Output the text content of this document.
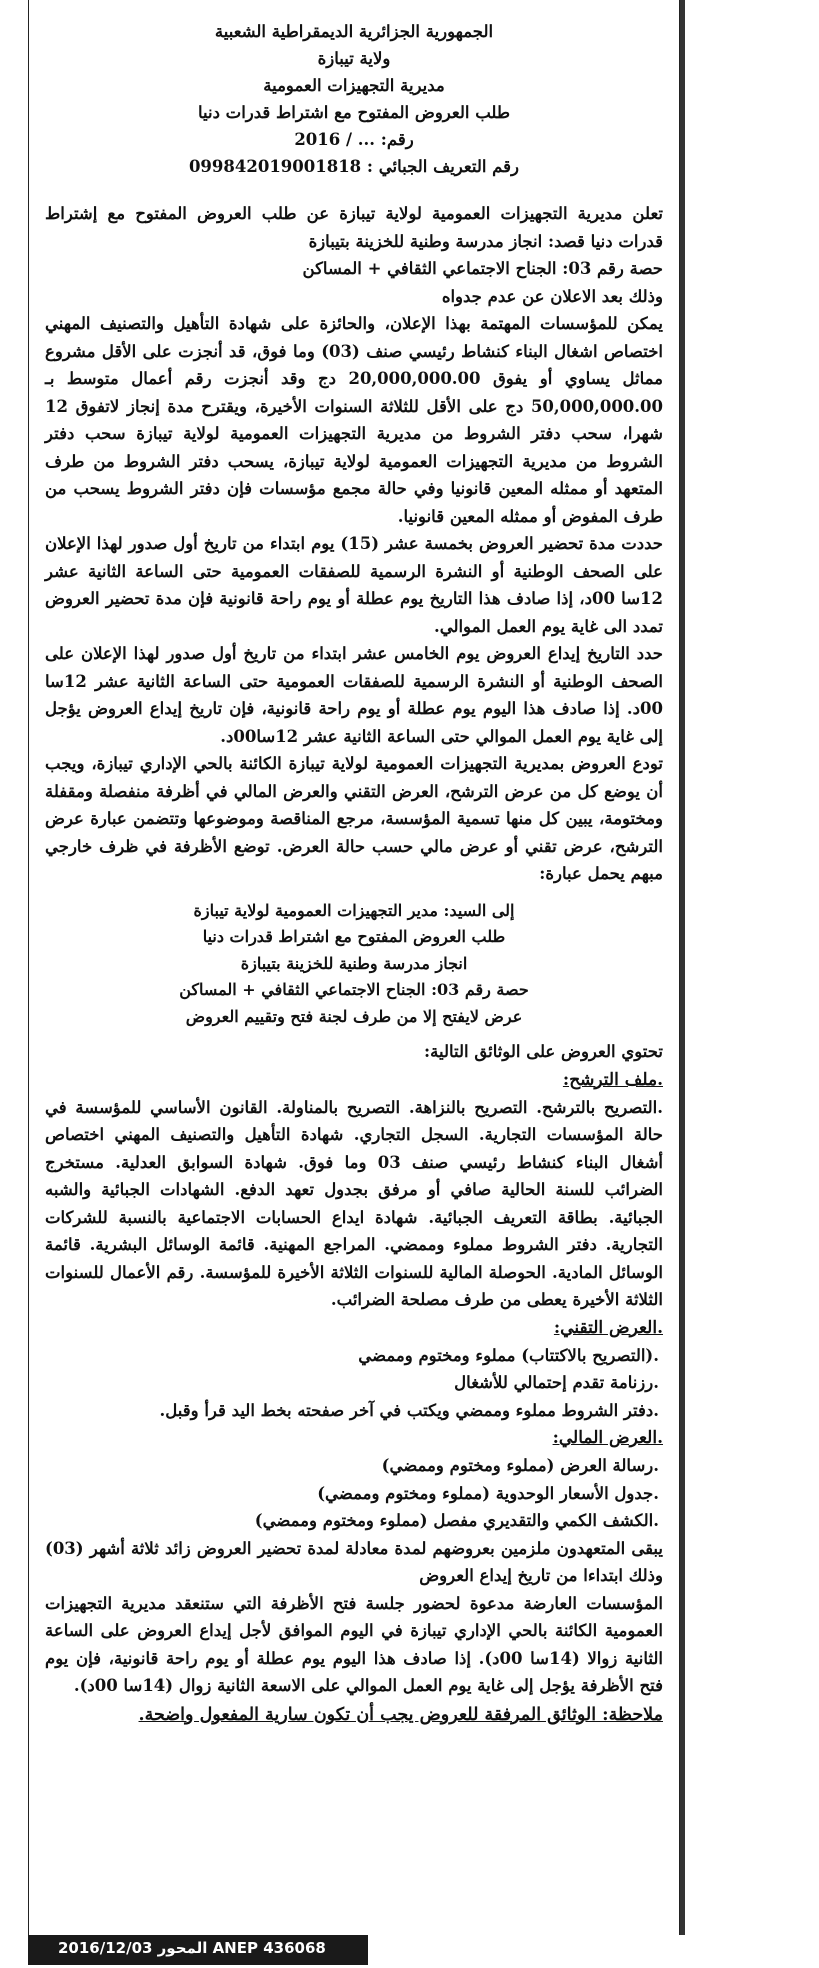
الجمهورية الجزائرية الديمقراطية الشعبية
ولاية تيبازة
مديرية التجهيزات العمومية
طلب العروض المفتوح مع اشتراط قدرات دنيا
رقم: ... / 2016
رقم التعريف الجبائي : 099842019001818

تعلن مديرية التجهيزات العمومية لولاية تيبازة عن طلب العروض المفتوح مع إشتراط قدرات دنيا قصد: انجاز مدرسة وطنية للخزينة بتيبازة

حصة رقم 03: الجناح الاجتماعي الثقافي + المساكن

وذلك بعد الاعلان عن عدم جدواه

يمكن للمؤسسات المهتمة بهذا الإعلان، والحائزة على شهادة التأهيل والتصنيف المهني اختصاص اشغال البناء كنشاط رئيسي صنف (03) وما فوق، قد أنجزت على الأقل مشروع مماثل يساوي أو يفوق 20,000,000.00 دج وقد أنجزت رقم أعمال متوسط بـ 50,000,000.00 دج على الأقل للثلاثة السنوات الأخيرة، ويقترح مدة إنجاز لاتفوق 12 شهرا، سحب دفتر الشروط من مديرية التجهيزات العمومية لولاية تيبازة سحب دفتر الشروط من مديرية التجهيزات العمومية لولاية تيبازة، يسحب دفتر الشروط من طرف المتعهد أو ممثله المعين قانونيا وفي حالة مجمع مؤسسات فإن دفتر الشروط يسحب من طرف المفوض أو ممثله المعين قانونيا.

حددت مدة تحضير العروض بخمسة عشر (15) يوم ابتداء من تاريخ أول صدور لهذا الإعلان على الصحف الوطنية أو النشرة الرسمية للصفقات العمومية حتى الساعة الثانية عشر 12سا 00د، إذا صادف هذا التاريخ يوم عطلة أو يوم راحة قانونية فإن مدة تحضير العروض تمدد الى غاية يوم العمل الموالي.

حدد التاريخ إيداع العروض يوم الخامس عشر ابتداء من تاريخ أول صدور لهذا الإعلان على الصحف الوطنية أو النشرة الرسمية للصفقات العمومية حتى الساعة الثانية عشر 12سا 00د. إذا صادف هذا اليوم يوم عطلة أو يوم راحة قانونية، فإن تاريخ إيداع العروض يؤجل إلى غاية يوم العمل الموالي حتى الساعة الثانية عشر 12سا00د.

تودع العروض بمديرية التجهيزات العمومية لولاية تيبازة الكائنة بالحي الإداري تيبازة، ويجب أن يوضع كل من عرض الترشح، العرض التقني والعرض المالي في أظرفة منفصلة ومقفلة ومختومة، يبين كل منها تسمية المؤسسة، مرجع المناقصة وموضوعها وتتضمن عبارة عرض الترشح، عرض تقني أو عرض مالي حسب حالة العرض. توضع الأظرفة في ظرف خارجي مبهم يحمل عبارة:

إلى السيد: مدير التجهيزات العمومية لولاية تيبازة
طلب العروض المفتوح مع اشتراط قدرات دنيا
انجاز مدرسة وطنية للخزينة بتيبازة
حصة رقم 03: الجناح الاجتماعي الثقافي + المساكن
عرض لايفتح إلا من طرف لجنة فتح وتقييم العروض

تحتوي العروض على الوثائق التالية:

.ملف الترشح:

.التصريح بالترشح. التصريح بالنزاهة. التصريح بالمناولة. القانون الأساسي للمؤسسة في حالة المؤسسات التجارية. السجل التجاري. شهادة التأهيل والتصنيف المهني اختصاص أشغال البناء كنشاط رئيسي صنف 03 وما فوق. شهادة السوابق العدلية. مستخرج الضرائب للسنة الحالية صافي أو مرفق بجدول تعهد الدفع. الشهادات الجبائية والشبه الجبائية. بطاقة التعريف الجبائية. شهادة ايداع الحسابات الاجتماعية بالنسبة للشركات التجارية. دفتر الشروط مملوء وممضي. المراجع المهنية. قائمة الوسائل البشرية. قائمة الوسائل المادية. الحوصلة المالية للسنوات الثلاثة الأخيرة للمؤسسة. رقم الأعمال للسنوات الثلاثة الأخيرة يعطى من طرف مصلحة الضرائب.

.العرض التقني:

.(التصريح بالاكتتاب) مملوء ومختوم وممضي

.رزنامة تقدم إحتمالي للأشغال

.دفتر الشروط مملوء وممضي ويكتب في آخر صفحته بخط اليد قرأ وقبل.

.العرض المالي:

.رسالة العرض (مملوء ومختوم وممضي)

.جدول الأسعار الوحدوية (مملوء ومختوم وممضي)

.الكشف الكمي والتقديري مفصل (مملوء ومختوم وممضي)

يبقى المتعهدون ملزمين بعروضهم لمدة معادلة لمدة تحضير العروض زائد ثلاثة أشهر (03) وذلك ابتداءا من تاريخ إيداع العروض

المؤسسات العارضة مدعوة لحضور جلسة فتح الأظرفة التي ستنعقد مديرية التجهيزات العمومية الكائنة بالحي الإداري تيبازة في اليوم الموافق لأجل إيداع العروض على الساعة الثانية زوالا (14سا 00د). إذا صادف هذا اليوم يوم عطلة أو يوم راحة قانونية، فإن يوم فتح الأظرفة يؤجل إلى غاية يوم العمل الموالي على الاسعة الثانية زوال (14سا 00د).

ملاحظة: الوثائق المرفقة للعروض يجب أن تكون سارية المفعول واضحة.

ANEP 436068 المحور 2016/12/03
